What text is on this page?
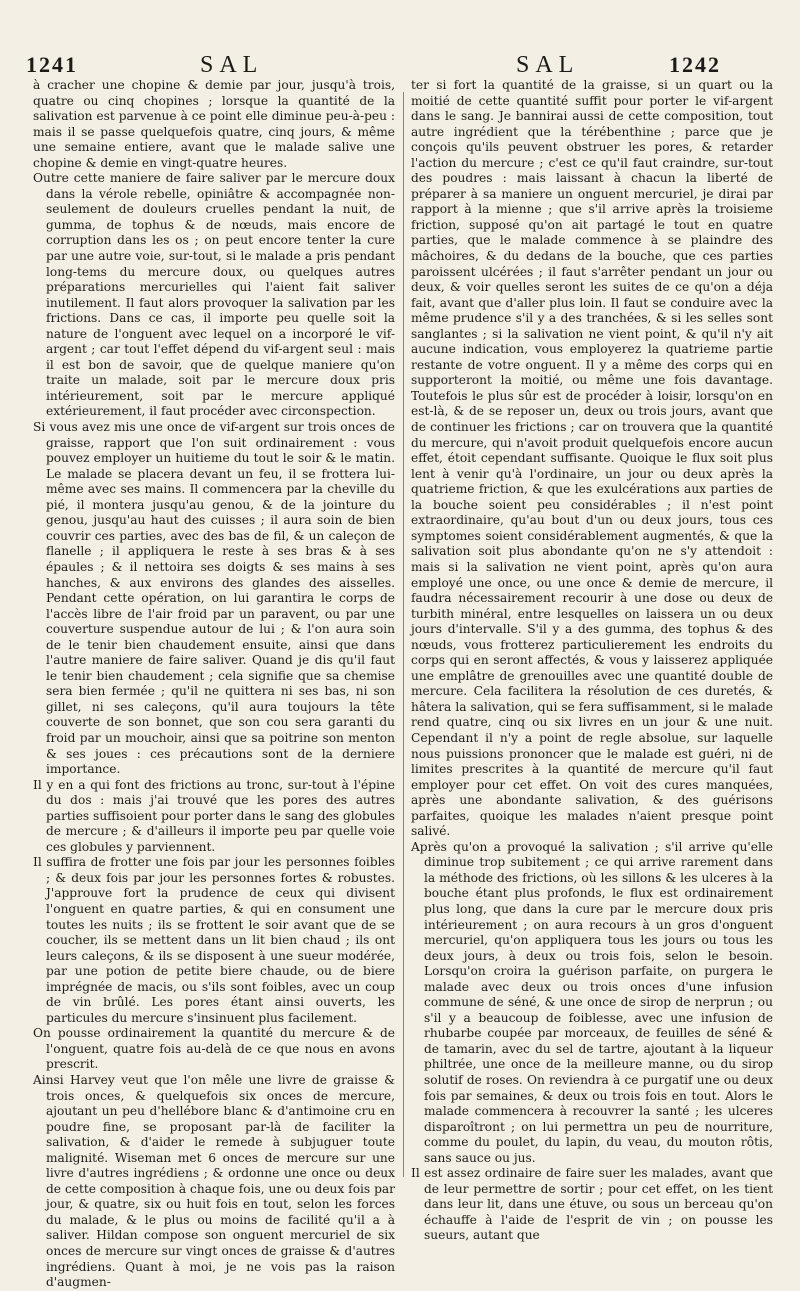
1241	SAL	SAL	1242

à cracher une chopine & demie par jour, jusqu'à trois, quatre ou cinq chopines ; lorsque la quantité de la salivation est parvenue à ce point elle diminue peu-à-peu : mais il se passe quelquefois quatre, cinq jours, & même une semaine entiere, avant que le malade salive une chopine & demie en vingt-quatre heures.

Outre cette maniere de faire saliver par le mercure doux dans la vérole rebelle, opiniâtre & accompagnée non-seulement de douleurs cruelles pendant la nuit, de gumma, de tophus & de nœuds, mais encore de corruption dans les os ; on peut encore tenter la cure par une autre voie, sur-tout, si le malade a pris pendant long-tems du mercure doux, ou quelques autres préparations mercurielles qui l'aient fait saliver inutilement. Il faut alors provoquer la salivation par les frictions. Dans ce cas, il importe peu quelle soit la nature de l'onguent avec lequel on a incorporé le vif-argent ; car tout l'effet dépend du vif-argent seul : mais il est bon de savoir, que de quelque maniere qu'on traite un malade, soit par le mercure doux pris intérieurement, soit par le mercure appliqué extérieurement, il faut procéder avec circonspection.

Si vous avez mis une once de vif-argent sur trois onces de graisse, rapport que l'on suit ordinairement : vous pouvez employer un huitieme du tout le soir & le matin. Le malade se placera devant un feu, il se frottera lui-même avec ses mains. Il commencera par la cheville du pié, il montera jusqu'au genou, & de la jointure du genou, jusqu'au haut des cuisses ; il aura soin de bien couvrir ces parties, avec des bas de fil, & un caleçon de flanelle ; il appliquera le reste à ses bras & à ses épaules ; & il nettoira ses doigts & ses mains à ses hanches, & aux environs des glandes des aisselles. Pendant cette opération, on lui garantira le corps de l'accès libre de l'air froid par un paravent, ou par une couverture suspendue autour de lui ; & l'on aura soin de le tenir bien chaudement ensuite, ainsi que dans l'autre maniere de faire saliver. Quand je dis qu'il faut le tenir bien chaudement ; cela signifie que sa chemise sera bien fermée ; qu'il ne quittera ni ses bas, ni son gillet, ni ses caleçons, qu'il aura toujours la tête couverte de son bonnet, que son cou sera garanti du froid par un mouchoir, ainsi que sa poitrine son menton & ses joues : ces précautions sont de la derniere importance.

Il y en a qui font des frictions au tronc, sur-tout à l'épine du dos : mais j'ai trouvé que les pores des autres parties suffisoient pour porter dans le sang des globules de mercure ; & d'ailleurs il importe peu par quelle voie ces globules y parviennent.

Il suffira de frotter une fois par jour les personnes foibles ; & deux fois par jour les personnes fortes & robustes. J'approuve fort la prudence de ceux qui divisent l'onguent en quatre parties, & qui en consument une toutes les nuits ; ils se frottent le soir avant que de se coucher, ils se mettent dans un lit bien chaud ; ils ont leurs caleçons, & ils se disposent à une sueur modérée, par une potion de petite biere chaude, ou de biere imprégnée de macis, ou s'ils sont foibles, avec un coup de vin brûlé. Les pores étant ainsi ouverts, les particules du mercure s'insinuent plus facilement.

On pousse ordinairement la quantité du mercure & de l'onguent, quatre fois au-delà de ce que nous en avons prescrit.

Ainsi Harvey veut que l'on mêle une livre de graisse & trois onces, & quelquefois six onces de mercure, ajoutant un peu d'hellébore blanc & d'antimoine cru en poudre fine, se proposant par-là de faciliter la salivation, & d'aider le remede à subjuguer toute malignité. Wiseman met 6 onces de mercure sur une livre d'autres ingrédiens ; & ordonne une once ou deux de cette composition à chaque fois, une ou deux fois par jour, & quatre, six ou huit fois en tout, selon les forces du malade, & le plus ou moins de facilité qu'il a à saliver. Hildan compose son onguent mercuriel de six onces de mercure sur vingt onces de graisse & d'autres ingrédiens. Quant à moi, je ne vois pas la raison d'augmen-

ter si fort la quantité de la graisse, si un quart ou la moitié de cette quantité suffit pour porter le vif-argent dans le sang. Je bannirai aussi de cette composition, tout autre ingrédient que la térébenthine ; parce que je conçois qu'ils peuvent obstruer les pores, & retarder l'action du mercure ; c'est ce qu'il faut craindre, sur-tout des poudres : mais laissant à chacun la liberté de préparer à sa maniere un onguent mercuriel, je dirai par rapport à la mienne ; que s'il arrive après la troisieme friction, supposé qu'on ait partagé le tout en quatre parties, que le malade commence à se plaindre des mâchoires, & du dedans de la bouche, que ces parties paroissent ulcérées ; il faut s'arrêter pendant un jour ou deux, & voir quelles seront les suites de ce qu'on a déja fait, avant que d'aller plus loin. Il faut se conduire avec la même prudence s'il y a des tranchées, & si les selles sont sanglantes ; si la salivation ne vient point, & qu'il n'y ait aucune indication, vous employerez la quatrieme partie restante de votre onguent. Il y a même des corps qui en supporteront la moitié, ou même une fois davantage. Toutefois le plus sûr est de procéder à loisir, lorsqu'on en est-là, & de se reposer un, deux ou trois jours, avant que de continuer les frictions ; car on trouvera que la quantité du mercure, qui n'avoit produit quelquefois encore aucun effet, étoit cependant suffisante. Quoique le flux soit plus lent à venir qu'à l'ordinaire, un jour ou deux après la quatrieme friction, & que les exulcérations aux parties de la bouche soient peu considérables ; il n'est point extraordinaire, qu'au bout d'un ou deux jours, tous ces symptomes soient considérablement augmentés, & que la salivation soit plus abondante qu'on ne s'y attendoit : mais si la salivation ne vient point, après qu'on aura employé une once, ou une once & demie de mercure, il faudra nécessairement recourir à une dose ou deux de turbith minéral, entre lesquelles on laissera un ou deux jours d'intervalle. S'il y a des gumma, des tophus & des nœuds, vous frotterez particulierement les endroits du corps qui en seront affectés, & vous y laisserez appliquée une emplâtre de grenouilles avec une quantité double de mercure. Cela facilitera la résolution de ces duretés, & hâtera la salivation, qui se fera suffisamment, si le malade rend quatre, cinq ou six livres en un jour & une nuit. Cependant il n'y a point de regle absolue, sur laquelle nous puissions prononcer que le malade est guéri, ni de limites prescrites à la quantité de mercure qu'il faut employer pour cet effet. On voit des cures manquées, après une abondante salivation, & des guérisons parfaites, quoique les malades n'aient presque point salivé.

Après qu'on a provoqué la salivation ; s'il arrive qu'elle diminue trop subitement ; ce qui arrive rarement dans la méthode des frictions, où les sillons & les ulceres à la bouche étant plus profonds, le flux est ordinairement plus long, que dans la cure par le mercure doux pris intérieurement ; on aura recours à un gros d'onguent mercuriel, qu'on appliquera tous les jours ou tous les deux jours, à deux ou trois fois, selon le besoin. Lorsqu'on croira la guérison parfaite, on purgera le malade avec deux ou trois onces d'une infusion commune de séné, & une once de sirop de nerprun ; ou s'il y a beaucoup de foiblesse, avec une infusion de rhubarbe coupée par morceaux, de feuilles de séné & de tamarin, avec du sel de tartre, ajoutant à la liqueur philtrée, une once de la meilleure manne, ou du sirop solutif de roses. On reviendra à ce purgatif une ou deux fois par semaines, & deux ou trois fois en tout. Alors le malade commencera à recouvrer la santé ; les ulceres disparoîtront ; on lui permettra un peu de nourriture, comme du poulet, du lapin, du veau, du mouton rôtis, sans sauce ou jus.

Il est assez ordinaire de faire suer les malades, avant que de leur permettre de sortir ; pour cet effet, on les tient dans leur lit, dans une étuve, ou sous un berceau qu'on échauffe à l'aide de l'esprit de vin ; on pousse les sueurs, autant que
